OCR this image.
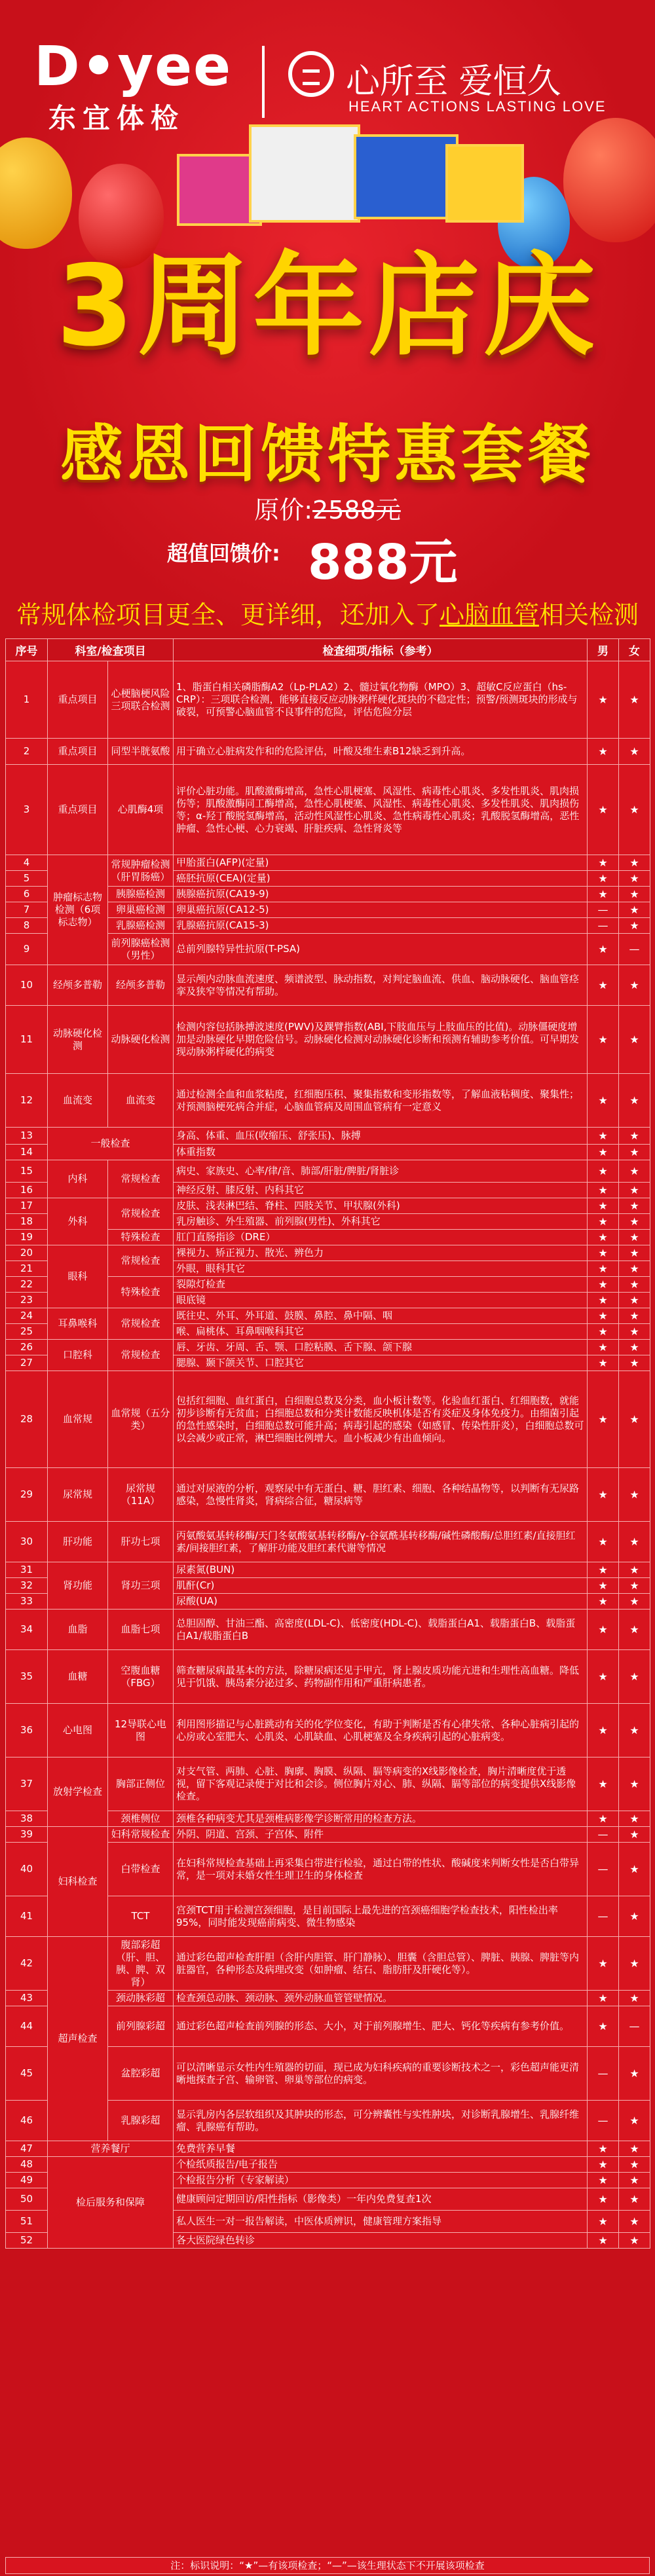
D•yee
东宜体检
心所至 爱恒久
HEART ACTIONS LASTING LOVE
3周年店庆
感恩回馈特惠套餐
原价:2588元
超值回馈价: 888元
常规体检项目更全、更详细，还加入了心脑血管相关检测
序号	科室/检查项目		检查细项/指标（参考）	男	女
1	重点项目	心梗脑梗风险三项联合检测	1、脂蛋白相关磷脂酶A2（Lp-PLA2）2、髓过氧化物酶（MPO）3、超敏C反应蛋白（hs-CRP）：三项联合检测，能够直接反应动脉粥样硬化斑块的不稳定性；预警/预测斑块的形成与破裂，可预警心脑血管不良事件的危险，评估危险分层	★	★
2	重点项目	同型半胱氨酸	用于确立心脏病发作和的危险评估，叶酸及维生素B12缺乏到升高。	★	★
3	重点项目	心肌酶4项	评价心脏功能。肌酸激酶增高，急性心肌梗塞、风湿性、病毒性心肌炎、多发性肌炎、肌肉损伤等；肌酸激酶同工酶增高，急性心肌梗塞、风湿性、病毒性心肌炎、多发性肌炎、肌肉损伤等；α-羟丁酸脱氢酶增高，活动性风湿性心肌炎、急性病毒性心肌炎；乳酸脱氢酶增高，恶性肿瘤、急性心梗、心力衰竭、肝脏疾病、急性肾炎等	★	★
4	肿瘤标志物检测（6项标志物）	常规肿瘤检测（肝胃肠癌）	甲胎蛋白(AFP)(定量)	★	★
5			癌胚抗原(CEA)(定量)	★	★
6		胰腺癌检测	胰腺癌抗原(CA19-9)	★	★
7		卵巢癌检测	卵巢癌抗原(CA12-5)	—	★
8		乳腺癌检测	乳腺癌抗原(CA15-3)	—	★
9		前列腺癌检测（男性）	总前列腺特异性抗原(T-PSA)	★	—
10	经颅多普勒	经颅多普勒	显示颅内动脉血流速度、频谱波型、脉动指数，对判定脑血流、供血、脑动脉硬化、脑血管痉挛及狭窄等情况有帮助。	★	★
11	动脉硬化检测	动脉硬化检测	检测内容包括脉搏波速度(PWV)及踝臂指数(ABI,下肢血压与上肢血压的比值)。动脉僵硬度增加是动脉硬化早期危险信号。动脉硬化检测对动脉硬化诊断和预测有辅助参考价值。可早期发现动脉粥样硬化的病变	★	★
12	血流变	血流变	通过检测全血和血浆粘度，红细胞压积、聚集指数和变形指数等，了解血液粘稠度、聚集性；对预测脑梗死病合并症，心脑血管病及周围血管病有一定意义	★	★
13	一般检查		身高、体重、血压(收缩压、舒张压)、脉搏	★	★
14			体重指数	★	★
15	内科	常规检查	病史、家族史、心率/律/音、肺部/肝脏/脾脏/肾脏诊	★	★
16			神经反射、膝反射、内科其它	★	★
17	外科	常规检查	皮肤、浅表淋巴结、脊柱、四肢关节、甲状腺(外科)	★	★
18			乳房触诊、外生殖器、前列腺(男性)、外科其它	★	★
19		特殊检查	肛门直肠指诊（DRE）	★	★
20	眼科	常规检查	裸视力、矫正视力、散光、辨色力	★	★
21			外眼，眼科其它	★	★
22		特殊检查	裂隙灯检查	★	★
23			眼底镜	★	★
24	耳鼻喉科	常规检查	既往史、外耳、外耳道、鼓膜、鼻腔、鼻中隔、咽	★	★
25			喉、扁桃体、耳鼻咽喉科其它	★	★
26	口腔科	常规检查	唇、牙齿、牙周、舌、颚、口腔粘膜、舌下腺、颌下腺	★	★
27			腮腺、颞下颌关节、口腔其它	★	★
28	血常规	血常规（五分类）	包括红细胞、血红蛋白，白细胞总数及分类，血小板计数等。化验血红蛋白、红细胞数，就能初步诊断有无贫血；白细胞总数和分类计数能反映机体是否有炎症及身体免疫力。由细菌引起的急性感染时，白细胞总数可能升高；病毒引起的感染（如感冒、传染性肝炎），白细胞总数可以会减少或正常，淋巴细胞比例增大。血小板减少有出血倾向。	★	★
29	尿常规	尿常规（11A）	通过对尿液的分析，观察尿中有无蛋白、糖、胆红素、细胞、各种结晶物等，以判断有无尿路感染，急慢性肾炎，肾病综合征，糖尿病等	★	★
30	肝功能	肝功七项	丙氨酸氨基转移酶/天门冬氨酸氨基转移酶/γ-谷氨酰基转移酶/碱性磷酸酶/总胆红素/直接胆红素/间接胆红素，了解肝功能及胆红素代谢等情况	★	★
31	肾功能	肾功三项	尿素氮(BUN)	★	★
32			肌酐(Cr)	★	★
33			尿酸(UA)	★	★
34	血脂	血脂七项	总胆固醇、甘油三酯、高密度(LDL-C)、低密度(HDL-C)、载脂蛋白A1、载脂蛋白B、载脂蛋白A1/载脂蛋白B	★	★
35	血糖	空腹血糖（FBG）	筛查糖尿病最基本的方法，除糖尿病还见于甲亢，肾上腺皮质功能亢进和生理性高血糖。降低见于饥饿、胰岛素分泌过多、药物副作用和严重肝病患者。	★	★
36	心电图	12导联心电图	利用图形描记与心脏跳动有关的化学位变化，有助于判断是否有心律失常、各种心脏病引起的心房或心室肥大、心肌炎、心肌缺血、心肌梗塞及全身疾病引起的心脏病变。	★	★
37	放射学检查	胸部正侧位	对支气管、两肺、心脏、胸廓、胸膜、纵隔、膈等病变的X线影像检查，胸片清晰度优于透视，留下客观记录便于对比和会诊。侧位胸片对心、肺、纵隔、膈等部位的病变提供X线影像检查。	★	★
38		颈椎侧位	颈椎各种病变尤其是颈椎病影像学诊断常用的检查方法。	★	★
39	妇科检查	妇科常规检查	外阴、阴道、宫颈、子宫体、附件	—	★
40		白带检查	在妇科常规检查基础上再采集白带进行检验，通过白带的性状、酸碱度来判断女性是否白带异常，是一项对未婚女性生理卫生的身体检查	—	★
41		TCT	宫颈TCT用于检测宫颈细胞，是目前国际上最先进的宫颈癌细胞学检查技术，阳性检出率95%，同时能发现癌前病变、微生物感染	—	★
42	超声检查	腹部彩超（肝、胆、胰、脾、双肾）	通过彩色超声检查肝胆（含肝内胆管、肝门静脉）、胆囊（含胆总管）、脾脏、胰腺、脾脏等内脏器官，各种形态及病理改变（如肿瘤、结石、脂肪肝及肝硬化等）。	★	★
43		颈动脉彩超	检查颈总动脉、颈动脉、颈外动脉血管管壁情况。	★	★
44		前列腺彩超	通过彩色超声检查前列腺的形态、大小，对于前列腺增生、肥大、钙化等疾病有参考价值。	★	—
45		盆腔彩超	可以清晰显示女性内生殖器的切面，现已成为妇科疾病的重要诊断技术之一，彩色超声能更清晰地探查子宫、输卵管、卵巢等部位的病变。	—	★
46		乳腺彩超	显示乳房内各层软组织及其肿块的形态，可分辨囊性与实性肿块，对诊断乳腺增生、乳腺纤维瘤、乳腺癌有帮助。	—	★
47	营养餐厅		免费营养早餐	★	★
48	检后服务和保障		个检纸质报告/电子报告	★	★
49			个检报告分析（专家解读）	★	★
50			健康顾问定期回访/阳性指标（影像类）一年内免费复查1次	★	★
51			私人医生一对一报告解读，中医体质辨识，健康管理方案指导	★	★
52			各大医院绿色转诊	★	★
注：标识说明：“★”—有该项检查；“—”—该生理状态下不开展该项检查
